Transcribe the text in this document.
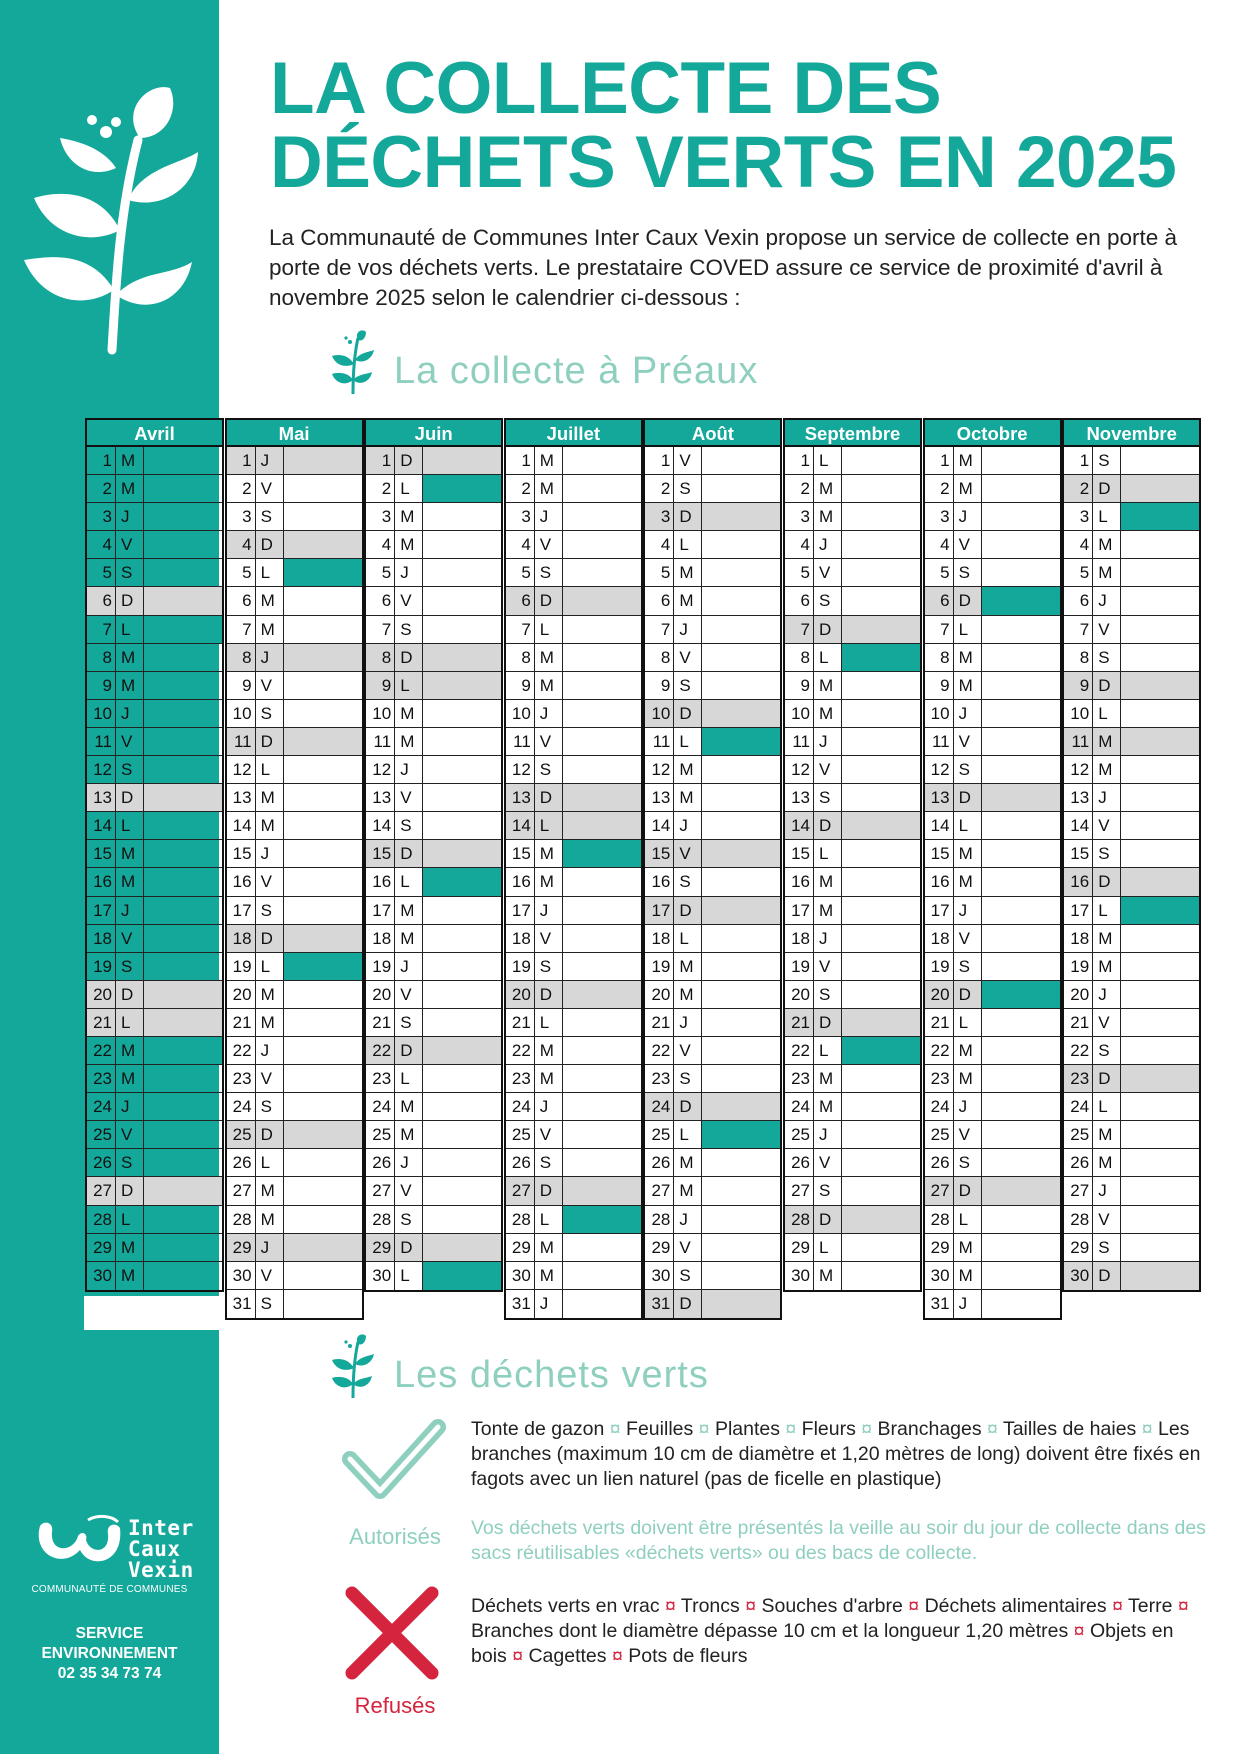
Inter
Caux
Vexin
COMMUNAUTÉ DE COMMUNES
SERVICE
ENVIRONNEMENT
02 35 34 73 74
LA COLLECTE DES
DÉCHETS VERTS EN 2025
La Communauté de Communes Inter Caux Vexin propose un service de collecte en porte à porte de vos déchets verts. Le prestataire COVED assure ce service de proximité d'avril à novembre 2025 selon le calendrier ci-dessous :
La collecte à Préaux
Avril
1 M
2 M
3 J
4 V
5 S
6 D
7 L
8 M
9 M
10 J
11 V
12 S
13 D
14 L
15 M
16 M
17 J
18 V
19 S
20 D
21 L
22 M
23 M
24 J
25 V
26 S
27 D
28 L
29 M
30 M
Mai
1 J
2 V
3 S
4 D
5 L
6 M
7 M
8 J
9 V
10 S
11 D
12 L
13 M
14 M
15 J
16 V
17 S
18 D
19 L
20 M
21 M
22 J
23 V
24 S
25 D
26 L
27 M
28 M
29 J
30 V
31 S
Juin
1 D
2 L
3 M
4 M
5 J
6 V
7 S
8 D
9 L
10 M
11 M
12 J
13 V
14 S
15 D
16 L
17 M
18 M
19 J
20 V
21 S
22 D
23 L
24 M
25 M
26 J
27 V
28 S
29 D
30 L
Juillet
1 M
2 M
3 J
4 V
5 S
6 D
7 L
8 M
9 M
10 J
11 V
12 S
13 D
14 L
15 M
16 M
17 J
18 V
19 S
20 D
21 L
22 M
23 M
24 J
25 V
26 S
27 D
28 L
29 M
30 M
31 J
Août
1 V
2 S
3 D
4 L
5 M
6 M
7 J
8 V
9 S
10 D
11 L
12 M
13 M
14 J
15 V
16 S
17 D
18 L
19 M
20 M
21 J
22 V
23 S
24 D
25 L
26 M
27 M
28 J
29 V
30 S
31 D
Septembre
1 L
2 M
3 M
4 J
5 V
6 S
7 D
8 L
9 M
10 M
11 J
12 V
13 S
14 D
15 L
16 M
17 M
18 J
19 V
20 S
21 D
22 L
23 M
24 M
25 J
26 V
27 S
28 D
29 L
30 M
Octobre
1 M
2 M
3 J
4 V
5 S
6 D
7 L
8 M
9 M
10 J
11 V
12 S
13 D
14 L
15 M
16 M
17 J
18 V
19 S
20 D
21 L
22 M
23 M
24 J
25 V
26 S
27 D
28 L
29 M
30 M
31 J
Novembre
1 S
2 D
3 L
4 M
5 M
6 J
7 V
8 S
9 D
10 L
11 M
12 M
13 J
14 V
15 S
16 D
17 L
18 M
19 M
20 J
21 V
22 S
23 D
24 L
25 M
26 M
27 J
28 V
29 S
30 D
Les déchets verts
Autorisés
Tonte de gazon ¤ Feuilles ¤ Plantes ¤ Fleurs ¤ Branchages ¤ Tailles de haies ¤ Les branches (maximum 10 cm de diamètre et 1,20 mètres de long) doivent être fixés en fagots avec un lien naturel (pas de ficelle en plastique)
Vos déchets verts doivent être présentés la veille au soir du jour de collecte dans des sacs réutilisables «déchets verts» ou des bacs de collecte.
Refusés
Déchets verts en vrac ¤ Troncs ¤ Souches d'arbre ¤ Déchets alimentaires ¤ Terre ¤ Branches dont le diamètre dépasse 10 cm et la longueur 1,20 mètres ¤ Objets en bois ¤ Cagettes ¤ Pots de fleurs
